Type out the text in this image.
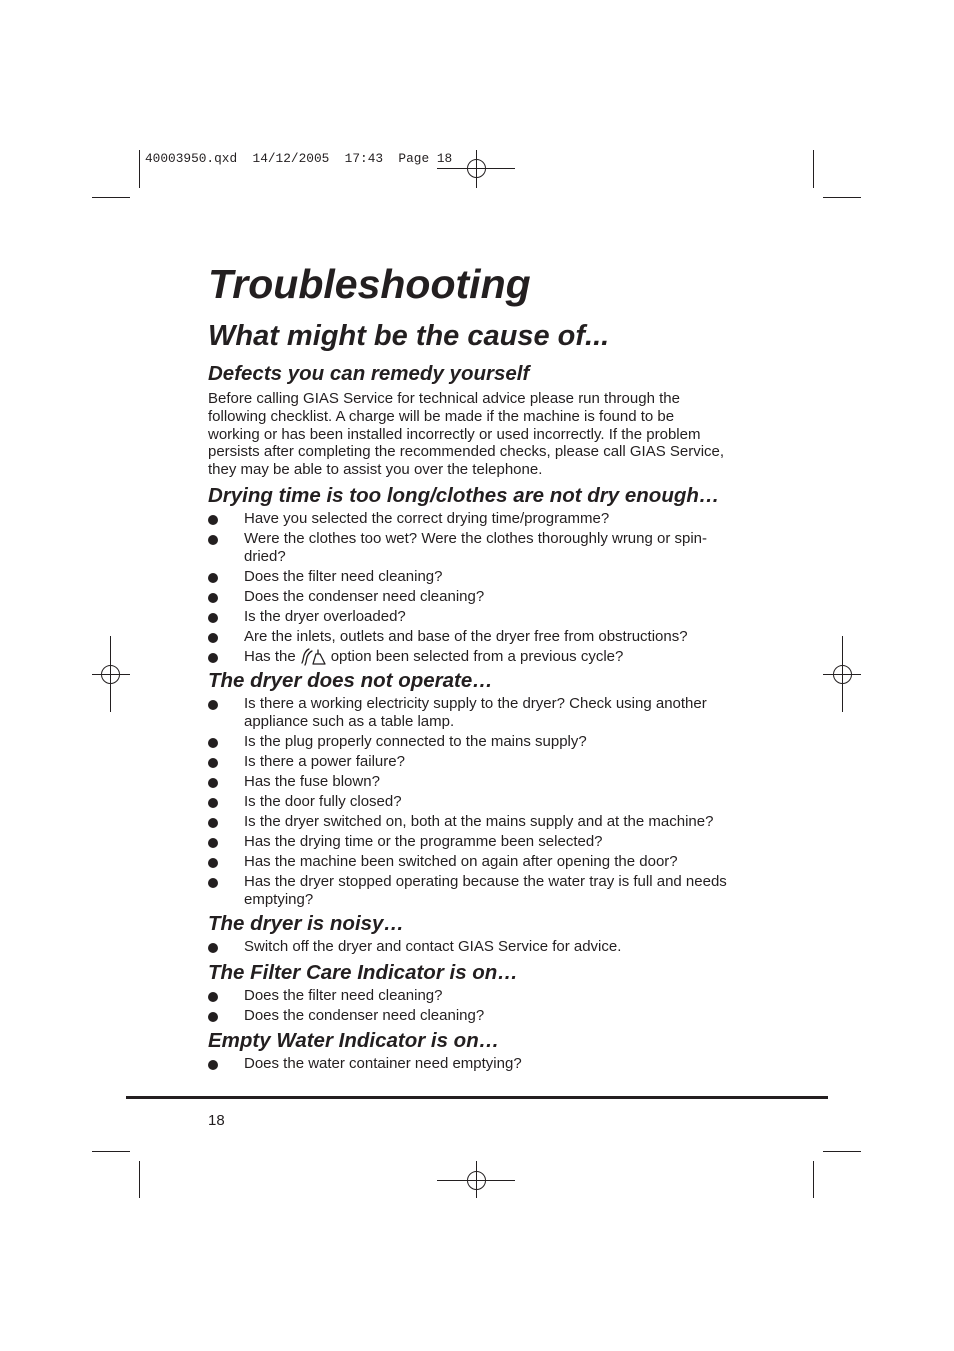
40003950.qxd  14/12/2005  17:43  Page 18
Troubleshooting
What might be the cause of...
Defects you can remedy yourself
Before calling GIAS Service for technical advice please run through the
following checklist. A charge will be made if the machine is found to be
working or has been installed incorrectly or used incorrectly. If the problem
persists after completing the recommended checks, please call GIAS Service,
they may be able to assist you over the telephone.
Drying time is too long/clothes are not dry enough…
Have you selected the correct drying time/programme?
Were the clothes too wet? Were the clothes thoroughly wrung or spin-
dried?
Does the filter need cleaning?
Does the condenser need cleaning?
Is the dryer overloaded?
Are the inlets, outlets and base of the dryer free from obstructions?
Has the option been selected from a previous cycle?
The dryer does not operate…
Is there a working electricity supply to the dryer? Check using another
appliance such as a table lamp.
Is the plug properly connected to the mains supply?
Is there a power failure?
Has the fuse blown?
Is the door fully closed?
Is the dryer switched on, both at the mains supply and at the machine?
Has the drying time or the programme been selected?
Has the machine been switched on again after opening the door?
Has the dryer stopped operating because the water tray is full and needs
emptying?
The dryer is noisy…
Switch off the dryer and contact GIAS Service for advice.
The Filter Care Indicator is on…
Does the filter need cleaning?
Does the condenser need cleaning?
Empty Water Indicator is on…
Does the water container need emptying?
18
